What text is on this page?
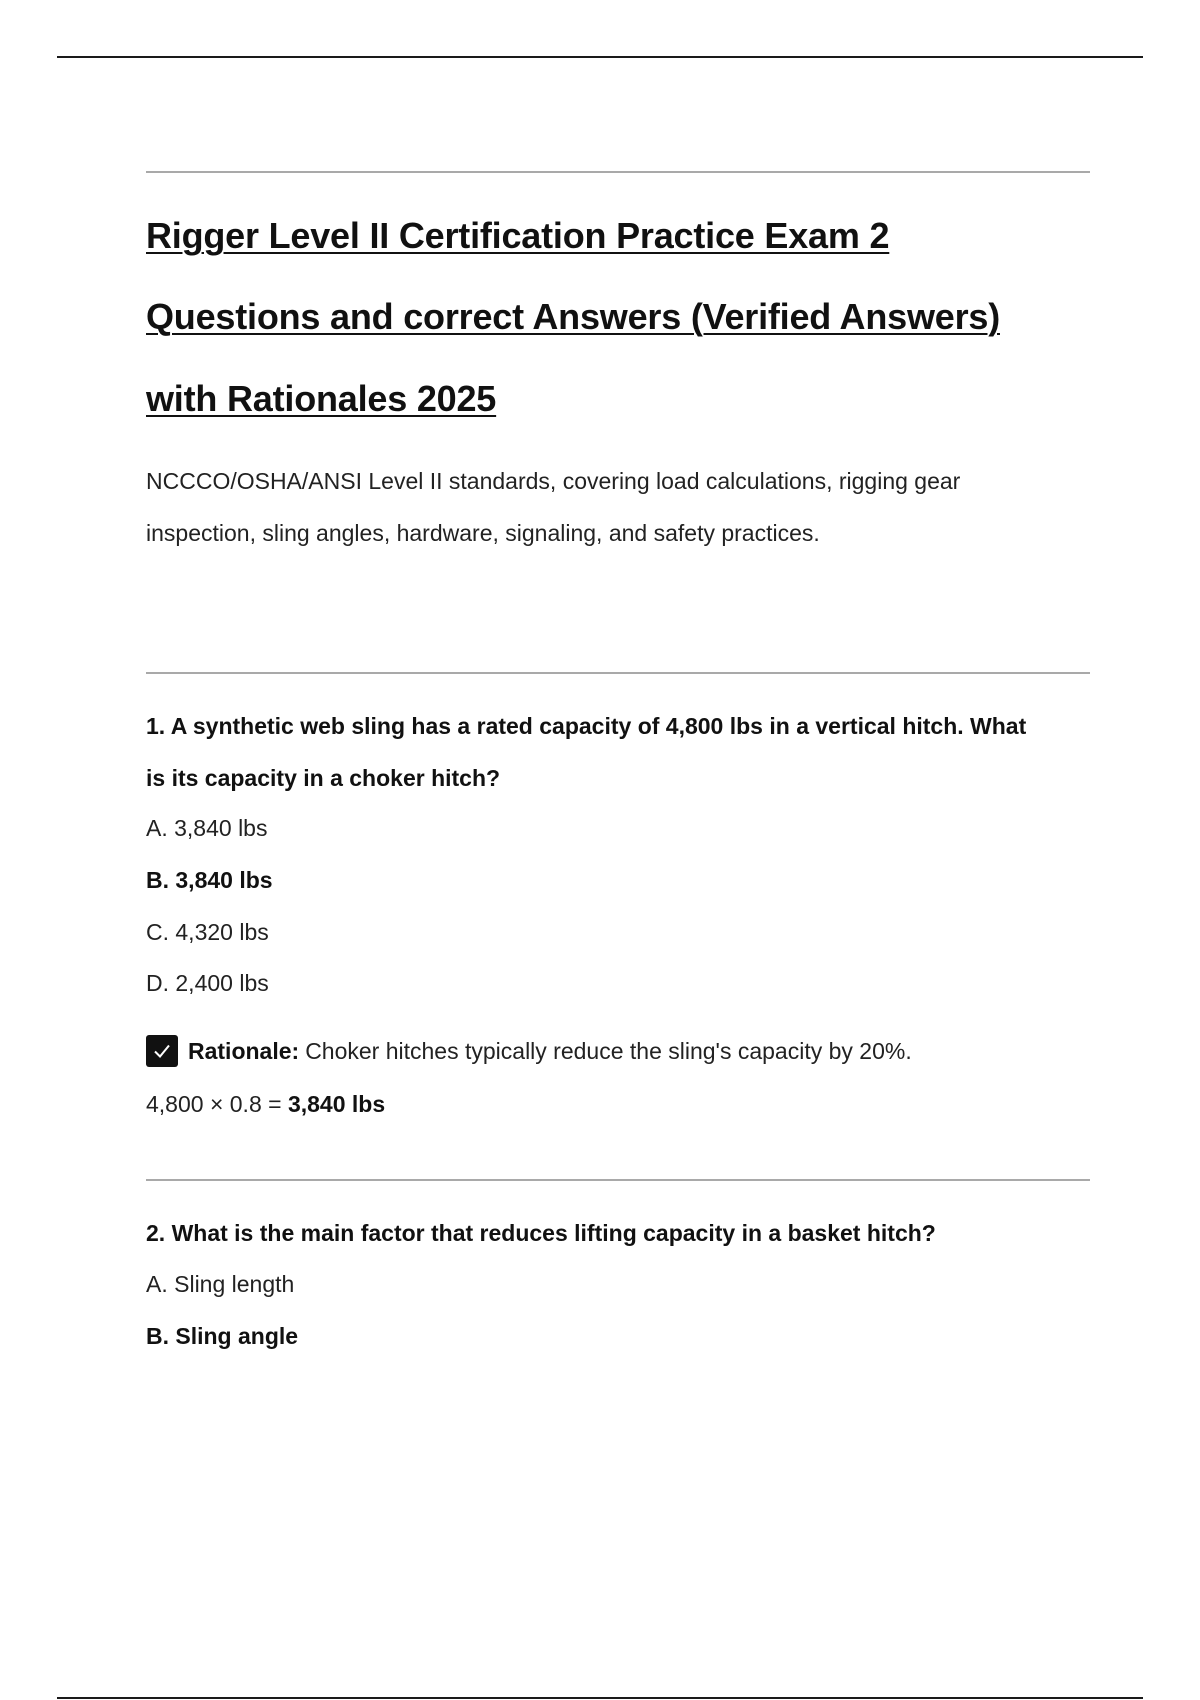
Rigger Level II Certification Practice Exam 2
Questions and correct Answers (Verified Answers)
with Rationales 2025
NCCCO/OSHA/ANSI Level II standards, covering load calculations, rigging gear
inspection, sling angles, hardware, signaling, and safety practices.
1. A synthetic web sling has a rated capacity of 4,800 lbs in a vertical hitch. What
is its capacity in a choker hitch?
A. 3,840 lbs
B. 3,840 lbs
C. 4,320 lbs
D. 2,400 lbs
Rationale: Choker hitches typically reduce the sling's capacity by 20%.
4,800 × 0.8 = 3,840 lbs
2. What is the main factor that reduces lifting capacity in a basket hitch?
A. Sling length
B. Sling angle
